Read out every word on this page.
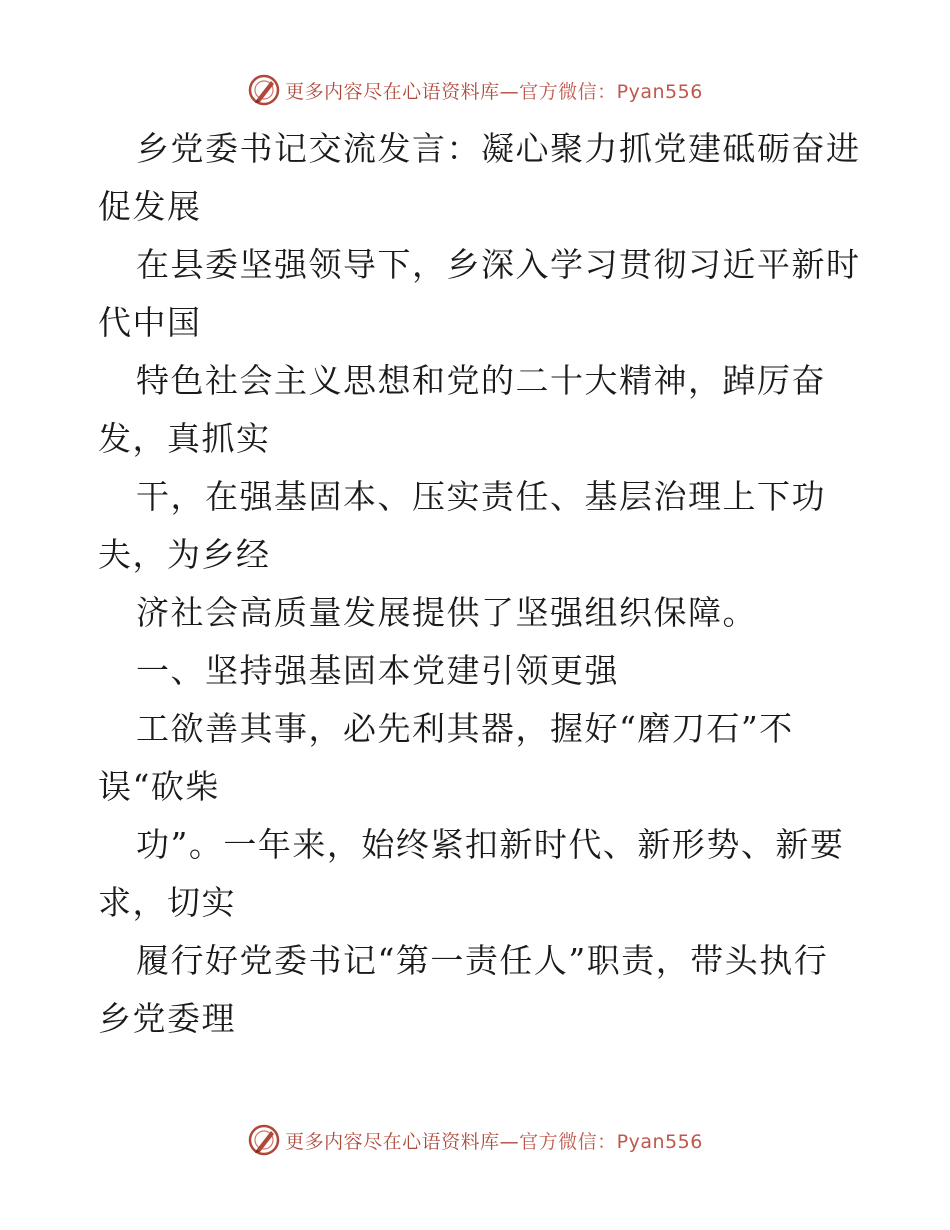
更多内容尽在心语资料库—官方微信：Pyan556
乡党委书记交流发言：凝心聚力抓党建砥砺奋进
促发展
在县委坚强领导下，乡深入学习贯彻习近平新时
代中国
特色社会主义思想和党的二十大精神，踔厉奋
发，真抓实
干，在强基固本、压实责任、基层治理上下功
夫，为乡经
济社会高质量发展提供了坚强组织保障。
一、坚持强基固本党建引领更强
工欲善其事，必先利其器，握好“磨刀石”不
误“砍柴
功”。一年来，始终紧扣新时代、新形势、新要
求，切实
履行好党委书记“第一责任人”职责，带头执行
乡党委理
更多内容尽在心语资料库—官方微信：Pyan556
